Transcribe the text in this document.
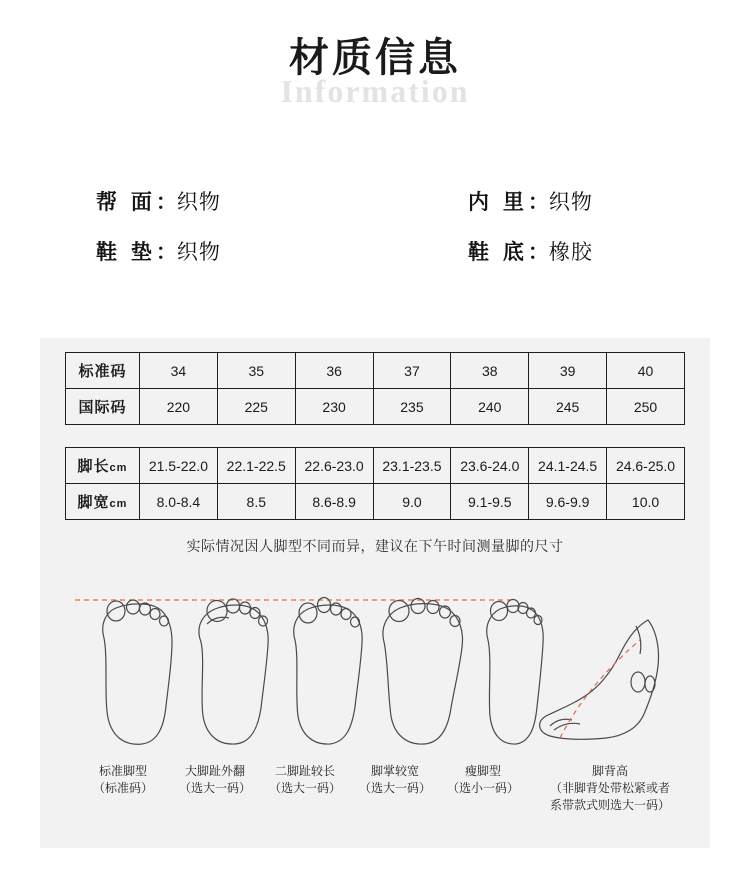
材质信息
Information
帮 面：织物	内 里：织物
鞋 垫：织物	鞋 底：橡胶
标准码	34	35	36	37	38	39	40
国际码	220	225	230	235	240	245	250
脚长cm	21.5-22.0	22.1-22.5	22.6-23.0	23.1-23.5	23.6-24.0	24.1-24.5	24.6-25.0
脚宽cm	8.0-8.4	8.5	8.6-8.9	9.0	9.1-9.5	9.6-9.9	10.0
实际情况因人脚型不同而异，建议在下午时间测量脚的尺寸
标准脚型
（标准码）
大脚趾外翻
（选大一码）
二脚趾较长
（选大一码）
脚掌较宽
（选大一码）
瘦脚型
（选小一码）
脚背高
（非脚背处带松紧或者
系带款式则选大一码）
